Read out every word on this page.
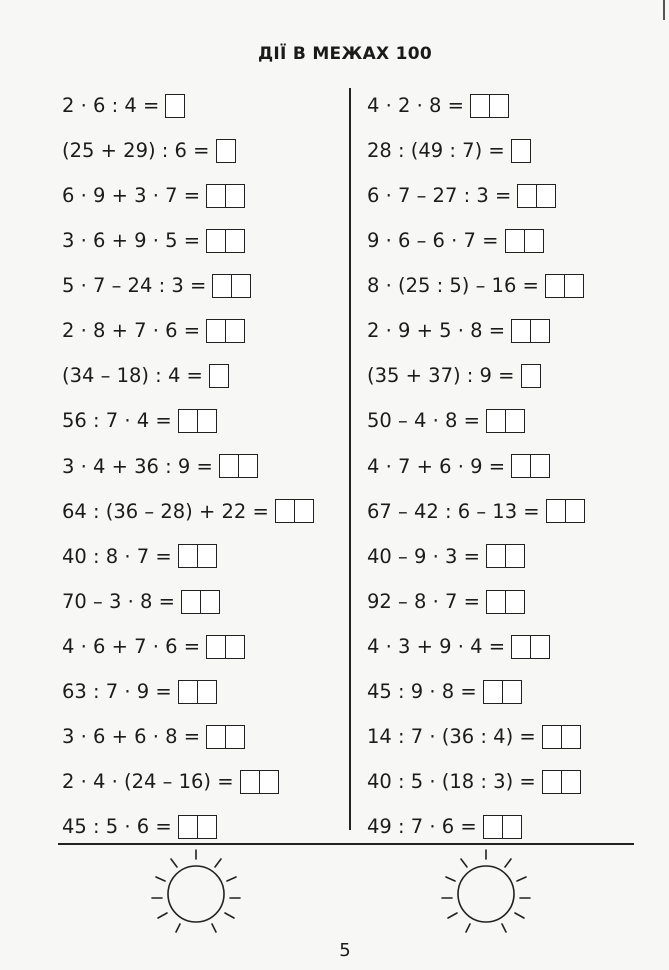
ДІЇ В МЕЖАХ 100
2 · 6 : 4 =
(25 + 29) : 6 =
6 · 9 + 3 · 7 =
3 · 6 + 9 · 5 =
5 · 7 – 24 : 3 =
2 · 8 + 7 · 6 =
(34 – 18) : 4 =
56 : 7 · 4 =
3 · 4 + 36 : 9 =
64 : (36 – 28) + 22 =
40 : 8 · 7 =
70 – 3 · 8 =
4 · 6 + 7 · 6 =
63 : 7 · 9 =
3 · 6 + 6 · 8 =
2 · 4 · (24 – 16) =
45 : 5 · 6 =
4 · 2 · 8 =
28 : (49 : 7) =
6 · 7 – 27 : 3 =
9 · 6 – 6 · 7 =
8 · (25 : 5) – 16 =
2 · 9 + 5 · 8 =
(35 + 37) : 9 =
50 – 4 · 8 =
4 · 7 + 6 · 9 =
67 – 42 : 6 – 13 =
40 – 9 · 3 =
92 – 8 · 7 =
4 · 3 + 9 · 4 =
45 : 9 · 8 =
14 : 7 · (36 : 4) =
40 : 5 · (18 : 3) =
49 : 7 · 6 =
5
